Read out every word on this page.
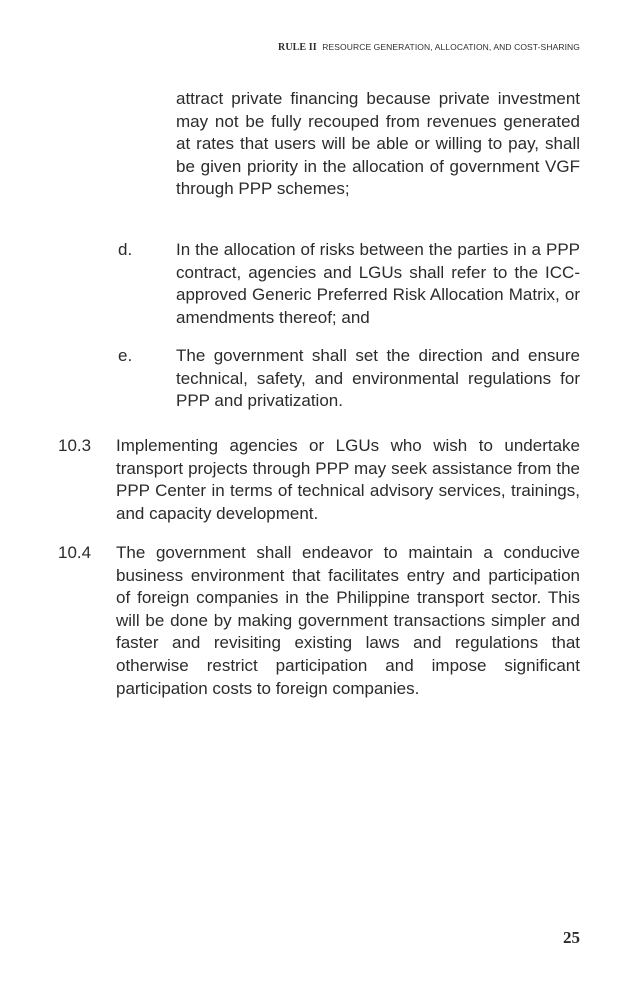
RULE II RESOURCE GENERATION, ALLOCATION, AND COST-SHARING
attract private financing because private investment may not be fully recouped from revenues generated at rates that users will be able or willing to pay, shall be given priority in the allocation of government VGF through PPP schemes;
d.	In the allocation of risks between the parties in a PPP contract, agencies and LGUs shall refer to the ICC-approved Generic Preferred Risk Allocation Matrix, or amendments thereof; and
e.	The government shall set the direction and ensure technical, safety, and environmental regulations for PPP and privatization.
10.3 Implementing agencies or LGUs who wish to undertake transport projects through PPP may seek assistance from the PPP Center in terms of technical advisory services, trainings, and capacity development.
10.4 The government shall endeavor to maintain a conducive business environment that facilitates entry and participation of foreign companies in the Philippine transport sector. This will be done by making government transactions simpler and faster and revisiting existing laws and regulations that otherwise restrict participation and impose significant participation costs to foreign companies.
25
